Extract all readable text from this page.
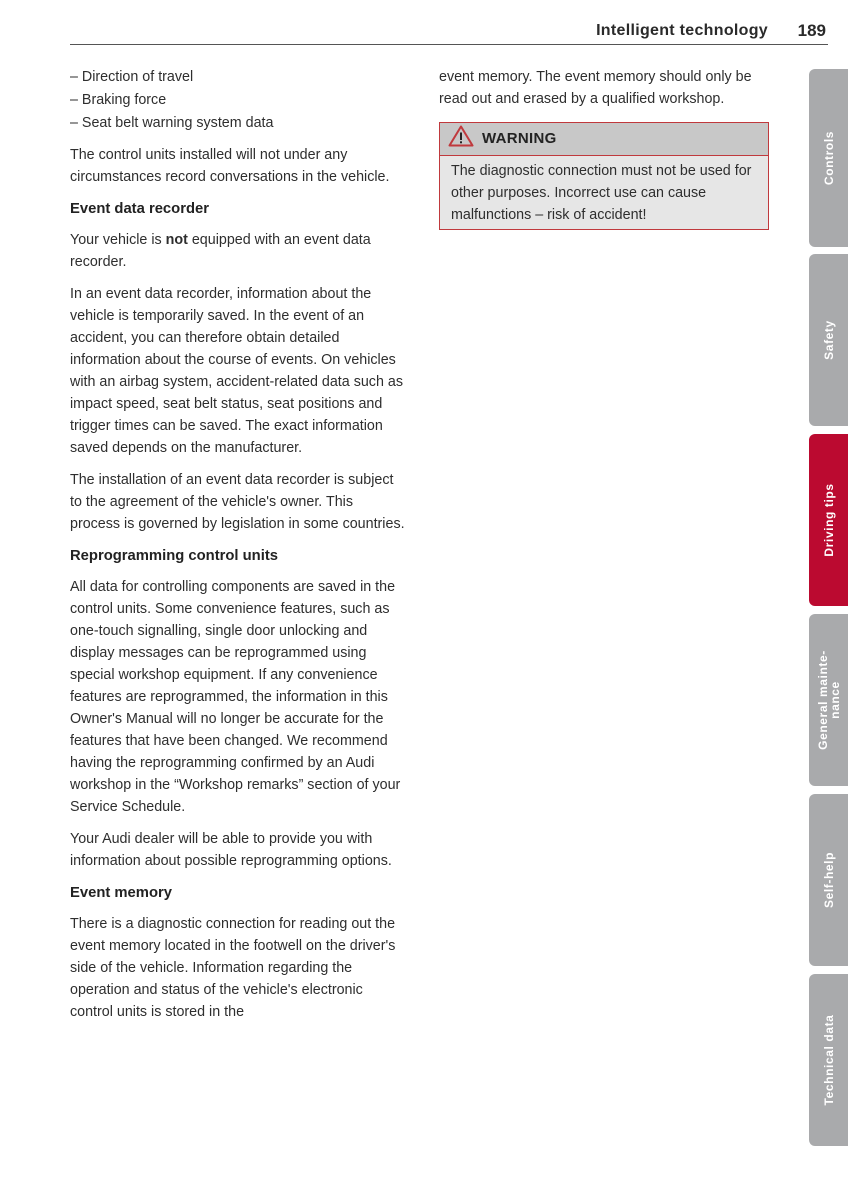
Intelligent technology 189
– Direction of travel
– Braking force
– Seat belt warning system data

The control units installed will not under any circumstances record conversations in the vehicle.

Event data recorder

Your vehicle is not equipped with an event data recorder.

In an event data recorder, information about the vehicle is temporarily saved. In the event of an accident, you can therefore obtain detailed information about the course of events. On vehicles with an airbag system, accident-related data such as impact speed, seat belt status, seat positions and trigger times can be saved. The exact information saved depends on the manufacturer.

The installation of an event data recorder is subject to the agreement of the vehicle's owner. This process is governed by legislation in some countries.

Reprogramming control units

All data for controlling components are saved in the control units. Some convenience features, such as one-touch signalling, single door unlocking and display messages can be reprogrammed using special workshop equipment. If any convenience features are reprogrammed, the information in this Owner's Manual will no longer be accurate for the features that have been changed. We recommend having the reprogramming confirmed by an Audi workshop in the “Workshop remarks” section of your Service Schedule.

Your Audi dealer will be able to provide you with information about possible reprogramming options.

Event memory

There is a diagnostic connection for reading out the event memory located in the footwell on the driver's side of the vehicle. Information regarding the operation and status of the vehicle's electronic control units is stored in the

event memory. The event memory should only be read out and erased by a qualified workshop.

WARNING
The diagnostic connection must not be used for other purposes. Incorrect use can cause malfunctions – risk of accident!
Controls
Safety
Driving tips
General mainte-
nance
Self-help
Technical data
